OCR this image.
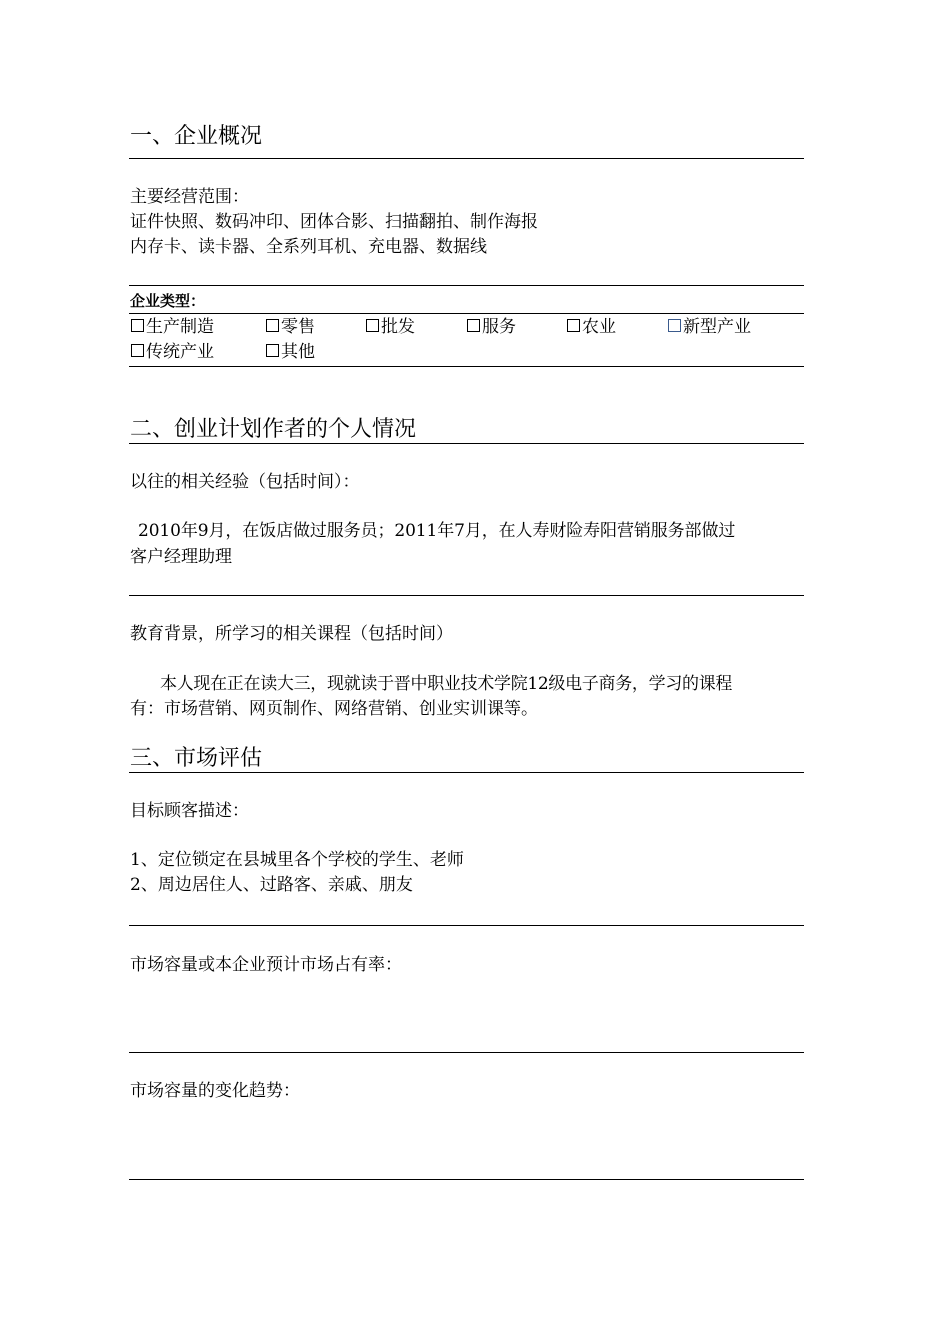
一、企业概况
主要经营范围：
证件快照、数码冲印、团体合影、扫描翻拍、制作海报
内存卡、读卡器、全系列耳机、充电器、数据线
企业类型：
生产制造	零售	批发	服务	农业	新型产业
传统产业	其他
二、创业计划作者的个人情况
以往的相关经验（包括时间）：
2010年9月，在饭店做过服务员；2011年7月，在人寿财险寿阳营销服务部做过
客户经理助理
教育背景，所学习的相关课程（包括时间）
本人现在正在读大三，现就读于晋中职业技术学院12级电子商务，学习的课程
有：市场营销、网页制作、网络营销、创业实训课等。
三、市场评估
目标顾客描述：
1、定位锁定在县城里各个学校的学生、老师
2、周边居住人、过路客、亲戚、朋友
市场容量或本企业预计市场占有率：
市场容量的变化趋势：
